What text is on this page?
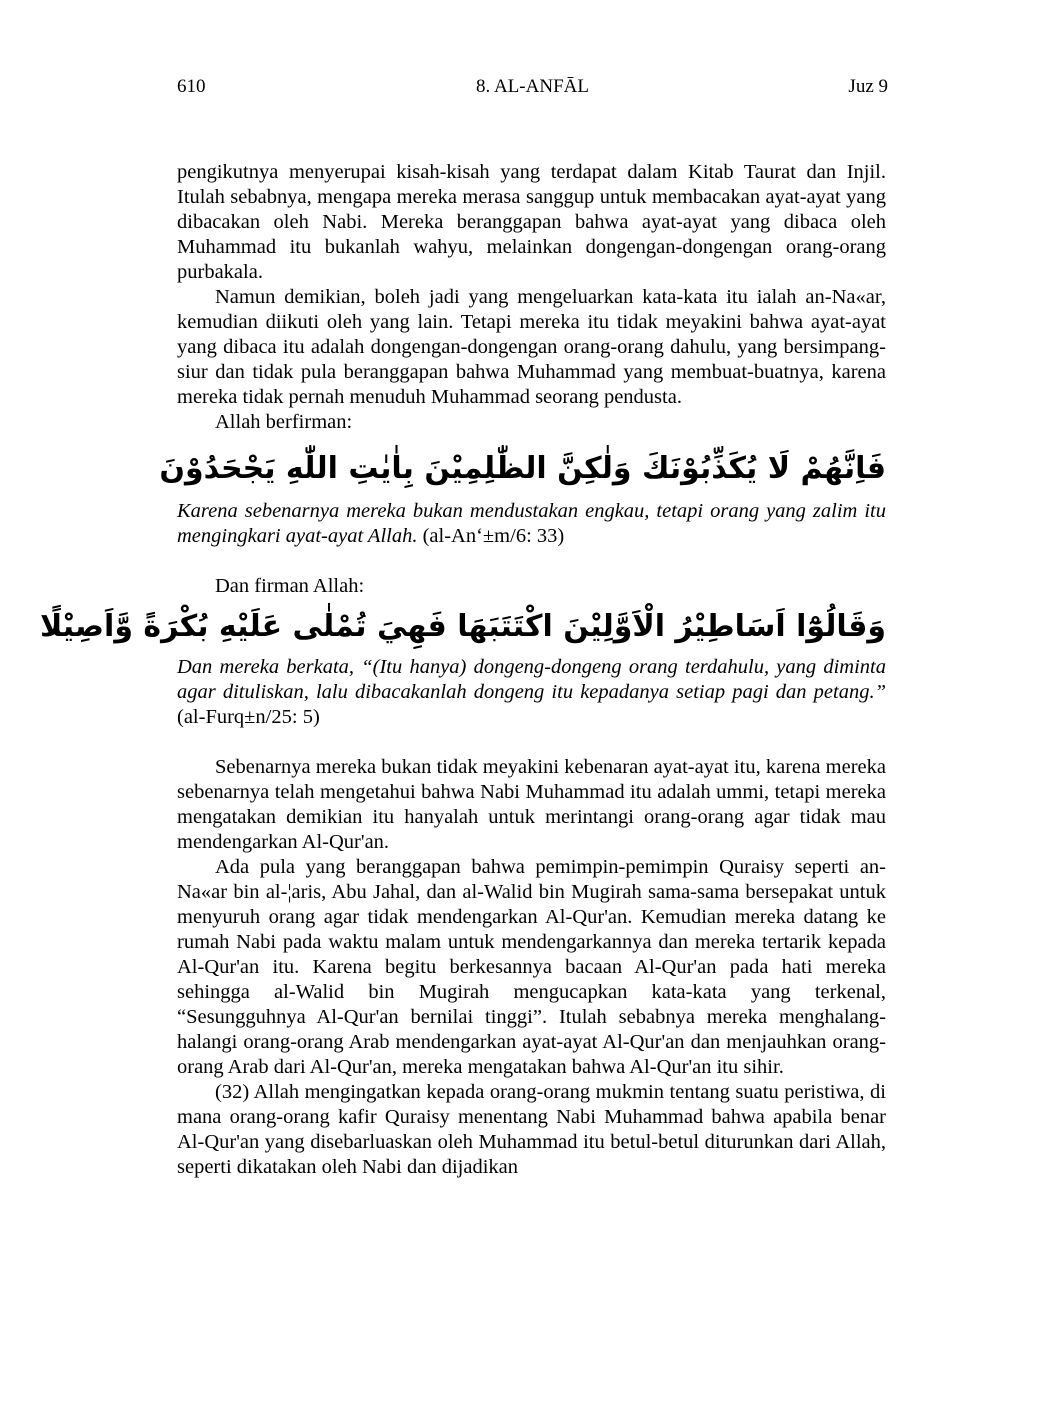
610	8. AL-ANFĀL	Juz 9

pengikutnya menyerupai kisah-kisah yang terdapat dalam Kitab Taurat dan Injil. Itulah sebabnya, mengapa mereka merasa sanggup untuk membacakan ayat-ayat yang dibacakan oleh Nabi. Mereka beranggapan bahwa ayat-ayat yang dibaca oleh Muhammad itu bukanlah wahyu, melainkan dongengan-dongengan orang-orang purbakala.

Namun demikian, boleh jadi yang mengeluarkan kata-kata itu ialah an-Na«ar, kemudian diikuti oleh yang lain. Tetapi mereka itu tidak meyakini bahwa ayat-ayat yang dibaca itu adalah dongengan-dongengan orang-orang dahulu, yang bersimpang-siur dan tidak pula beranggapan bahwa Muhammad yang membuat-buatnya, karena mereka tidak pernah menuduh Muhammad seorang pendusta.

Allah berfirman:

فَاِنَّهُمْ لَا يُكَذِّبُوْنَكَ وَلٰكِنَّ الظّٰلِمِيْنَ بِاٰيٰتِ اللّٰهِ يَجْحَدُوْنَ

Karena sebenarnya mereka bukan mendustakan engkau, tetapi orang yang zalim itu mengingkari ayat-ayat Allah. (al-An‘±m/6: 33)

Dan firman Allah:

وَقَالُوْٓا اَسَاطِيْرُ الْاَوَّلِيْنَ اكْتَتَبَهَا فَهِيَ تُمْلٰى عَلَيْهِ بُكْرَةً وَّاَصِيْلًا

Dan mereka berkata, “(Itu hanya) dongeng-dongeng orang terdahulu, yang diminta agar dituliskan, lalu dibacakanlah dongeng itu kepadanya setiap pagi dan petang.” (al-Furq±n/25: 5)

Sebenarnya mereka bukan tidak meyakini kebenaran ayat-ayat itu, karena mereka sebenarnya telah mengetahui bahwa Nabi Muhammad itu adalah ummi, tetapi mereka mengatakan demikian itu hanyalah untuk merintangi orang-orang agar tidak mau mendengarkan Al-Qur'an.

Ada pula yang beranggapan bahwa pemimpin-pemimpin Quraisy seperti an-Na«ar bin al-¦aris, Abu Jahal, dan al-Walid bin Mugirah sama-sama bersepakat untuk menyuruh orang agar tidak mendengarkan Al-Qur'an. Kemudian mereka datang ke rumah Nabi pada waktu malam untuk mendengarkannya dan mereka tertarik kepada Al-Qur'an itu. Karena begitu berkesannya bacaan Al-Qur'an pada hati mereka sehingga al-Walid bin Mugirah mengucapkan kata-kata yang terkenal, “Sesungguhnya Al-Qur'an bernilai tinggi”. Itulah sebabnya mereka menghalang-halangi orang-orang Arab mendengarkan ayat-ayat Al-Qur'an dan menjauhkan orang-orang Arab dari Al-Qur'an, mereka mengatakan bahwa Al-Qur'an itu sihir.

(32) Allah mengingatkan kepada orang-orang mukmin tentang suatu peristiwa, di mana orang-orang kafir Quraisy menentang Nabi Muhammad bahwa apabila benar Al-Qur'an yang disebarluaskan oleh Muhammad itu betul-betul diturunkan dari Allah, seperti dikatakan oleh Nabi dan dijadikan
